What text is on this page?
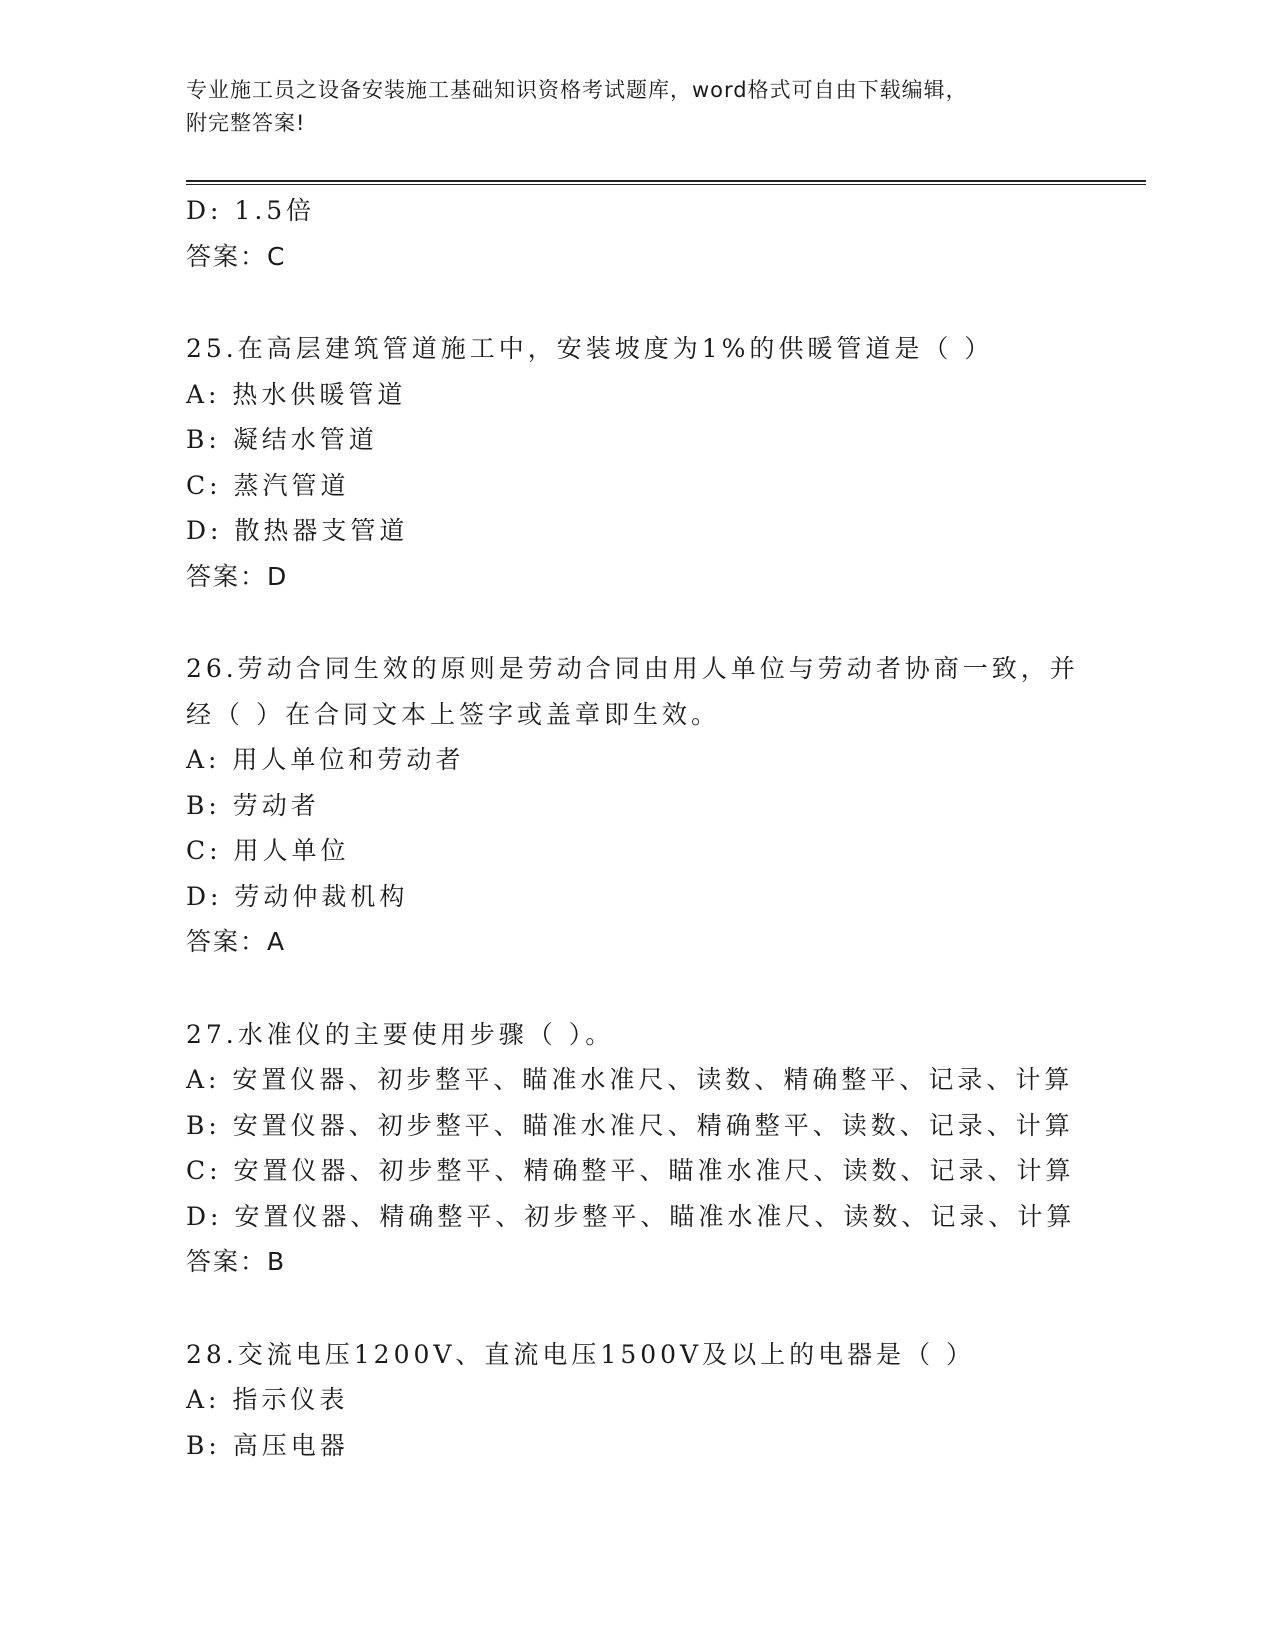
专业施工员之设备安装施工基础知识资格考试题库，word格式可自由下载编辑，
附完整答案!
D: 1.5倍
答案：C
25.在高层建筑管道施工中，安装坡度为1%的供暖管道是（ ）
A: 热水供暖管道
B: 凝结水管道
C: 蒸汽管道
D: 散热器支管道
答案：D
26.劳动合同生效的原则是劳动合同由用人单位与劳动者协商一致，并
经（ ）在合同文本上签字或盖章即生效。
A: 用人单位和劳动者
B: 劳动者
C: 用人单位
D: 劳动仲裁机构
答案：A
27.水准仪的主要使用步骤（ ）。
A: 安置仪器、初步整平、瞄准水准尺、读数、精确整平、记录、计算
B: 安置仪器、初步整平、瞄准水准尺、精确整平、读数、记录、计算
C: 安置仪器、初步整平、精确整平、瞄准水准尺、读数、记录、计算
D: 安置仪器、精确整平、初步整平、瞄准水准尺、读数、记录、计算
答案：B
28.交流电压1200V、直流电压1500V及以上的电器是（ ）
A: 指示仪表
B: 高压电器
